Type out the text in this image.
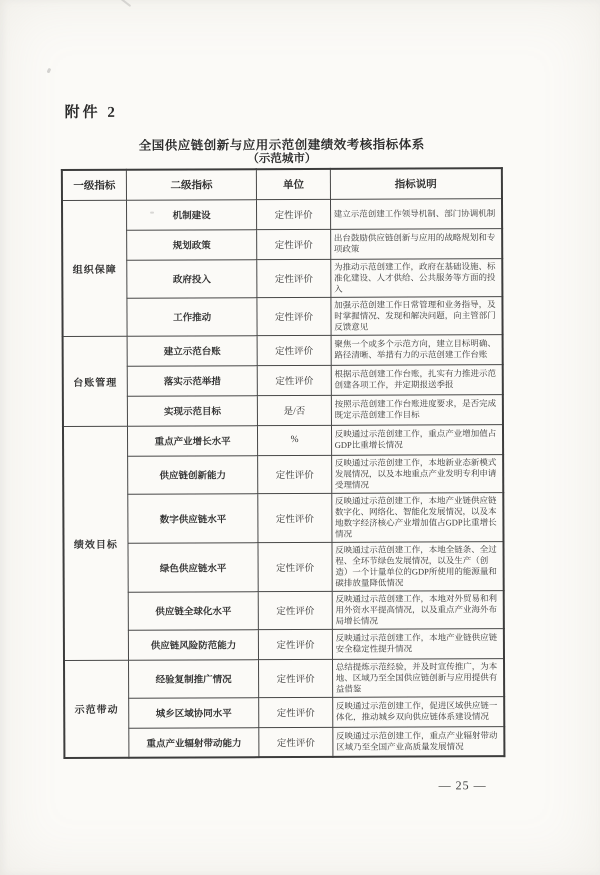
附件 2
全国供应链创新与应用示范创建绩效考核指标体系
（示范城市）
一级指标	二级指标	单位	指标说明
组织保障	机制建设	定性评价	建立示范创建工作领导机制、部门协调机制
	规划政策	定性评价	出台鼓励供应链创新与应用的战略规划和专项政策
	政府投入	定性评价	为推动示范创建工作，政府在基础设施、标准化建设、人才供给、公共服务等方面的投入
	工作推动	定性评价	加强示范创建工作日常管理和业务指导，及时掌握情况、发现和解决问题，向主管部门反馈意见
台账管理	建立示范台账	定性评价	聚焦一个或多个示范方向，建立目标明确、路径清晰、举措有力的示范创建工作台账
	落实示范举措	定性评价	根据示范创建工作台账，扎实有力推进示范创建各项工作，并定期报送季报
	实现示范目标	是/否	按照示范创建工作台账进度要求，是否完成既定示范创建工作目标
绩效目标	重点产业增长水平	%	反映通过示范创建工作，重点产业增加值占GDP比重增长情况
	供应链创新能力	定性评价	反映通过示范创建工作，本地新业态新模式发展情况，以及本地重点产业发明专利申请受理情况
	数字供应链水平	定性评价	反映通过示范创建工作，本地产业链供应链数字化、网络化、智能化发展情况，以及本地数字经济核心产业增加值占GDP比重增长情况
	绿色供应链水平	定性评价	反映通过示范创建工作，本地全链条、全过程、全环节绿色发展情况，以及生产（创造）一个计量单位的GDP所使用的能源量和碳排放量降低情况
	供应链全球化水平	定性评价	反映通过示范创建工作，本地对外贸易和利用外资水平提高情况，以及重点产业海外布局增长情况
	供应链风险防范能力	定性评价	反映通过示范创建工作，本地产业链供应链安全稳定性提升情况
示范带动	经验复制推广情况	定性评价	总结提炼示范经验，并及时宣传推广，为本地、区域乃至全国供应链创新与应用提供有益借鉴
	城乡区域协同水平	定性评价	反映通过示范创建工作，促进区域供应链一体化，推动城乡双向供应链体系建设情况
	重点产业辐射带动能力	定性评价	反映通过示范创建工作，重点产业辐射带动区域乃至全国产业高质量发展情况
— 25 —
